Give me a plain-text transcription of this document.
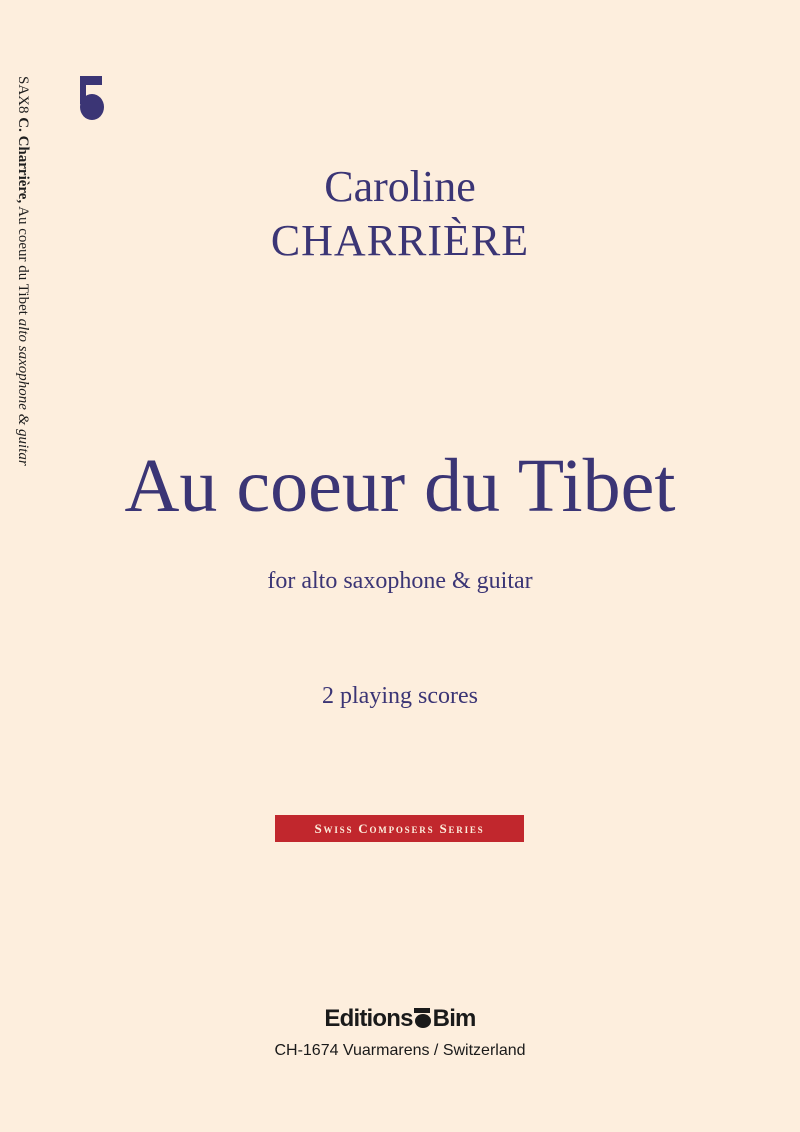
SAX8 C. Charrière, Au coeur du Tibet alto saxophone & guitar
Caroline
CHARRIÈRE
Au coeur du Tibet
for alto saxophone & guitar
2 playing scores
Swiss Composers Series
Editions Bim
CH-1674 Vuarmarens / Switzerland
